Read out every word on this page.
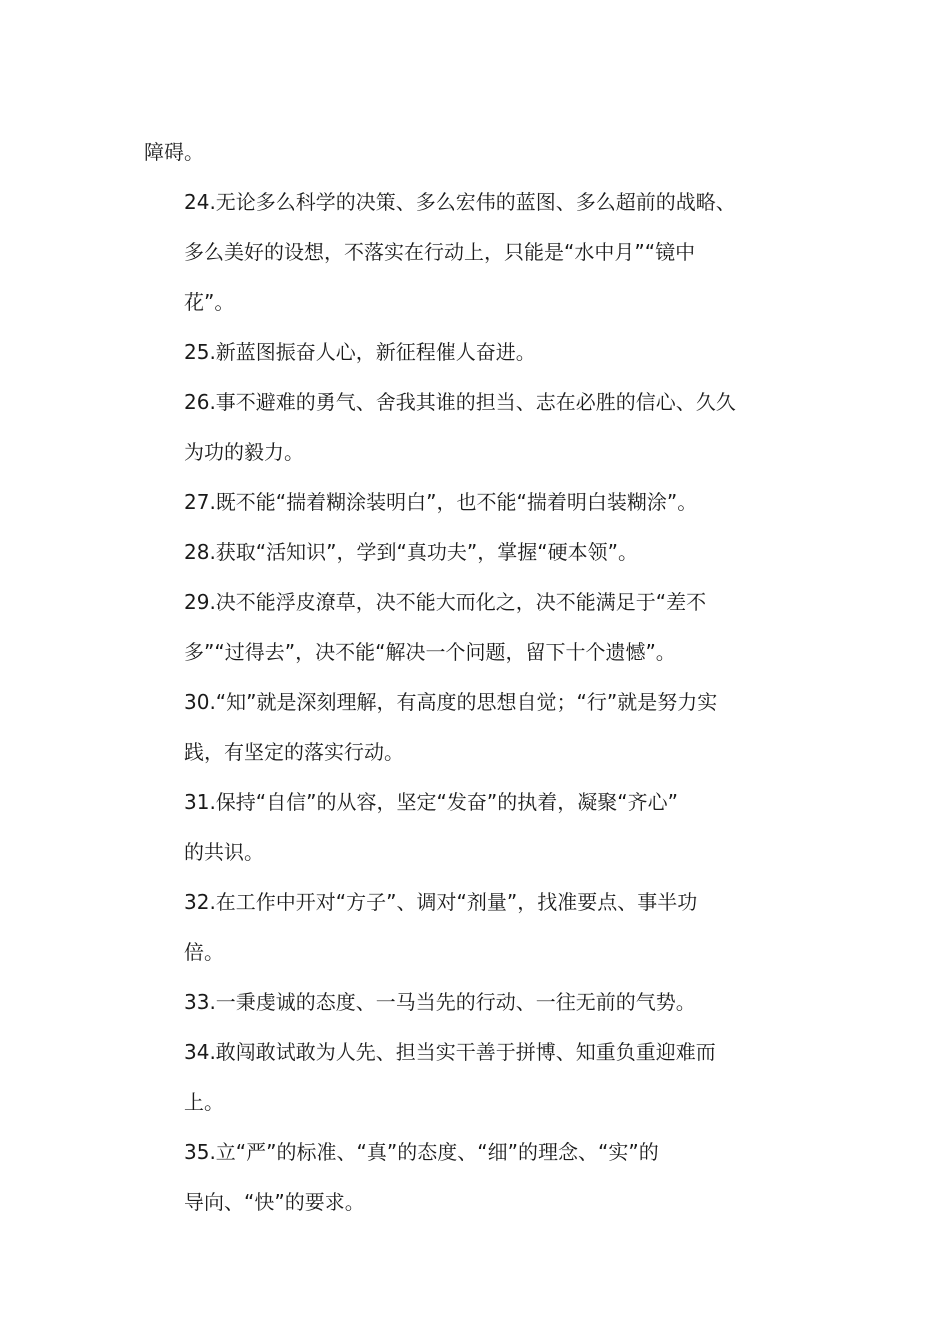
障碍。

24.无论多么科学的决策、多么宏伟的蓝图、多么超前的战略、
多么美好的设想，不落实在行动上，只能是“水中月”“镜中
花”。

25.新蓝图振奋人心，新征程催人奋进。

26.事不避难的勇气、舍我其谁的担当、志在必胜的信心、久久
为功的毅力。

27.既不能“揣着糊涂装明白”，也不能“揣着明白装糊涂”。

28.获取“活知识”，学到“真功夫”，掌握“硬本领”。

29.决不能浮皮潦草，决不能大而化之，决不能满足于“差不
多”“过得去”，决不能“解决一个问题，留下十个遗憾”。

30.“知”就是深刻理解，有高度的思想自觉；“行”就是努力实
践，有坚定的落实行动。

31.保持“自信”的从容，坚定“发奋”的执着，凝聚“齐心”
的共识。

32.在工作中开对“方子”、调对“剂量”，找准要点、事半功
倍。

33.一秉虔诚的态度、一马当先的行动、一往无前的气势。

34.敢闯敢试敢为人先、担当实干善于拼博、知重负重迎难而
上。

35.立“严”的标准、“真”的态度、“细”的理念、“实”的
导向、“快”的要求。
